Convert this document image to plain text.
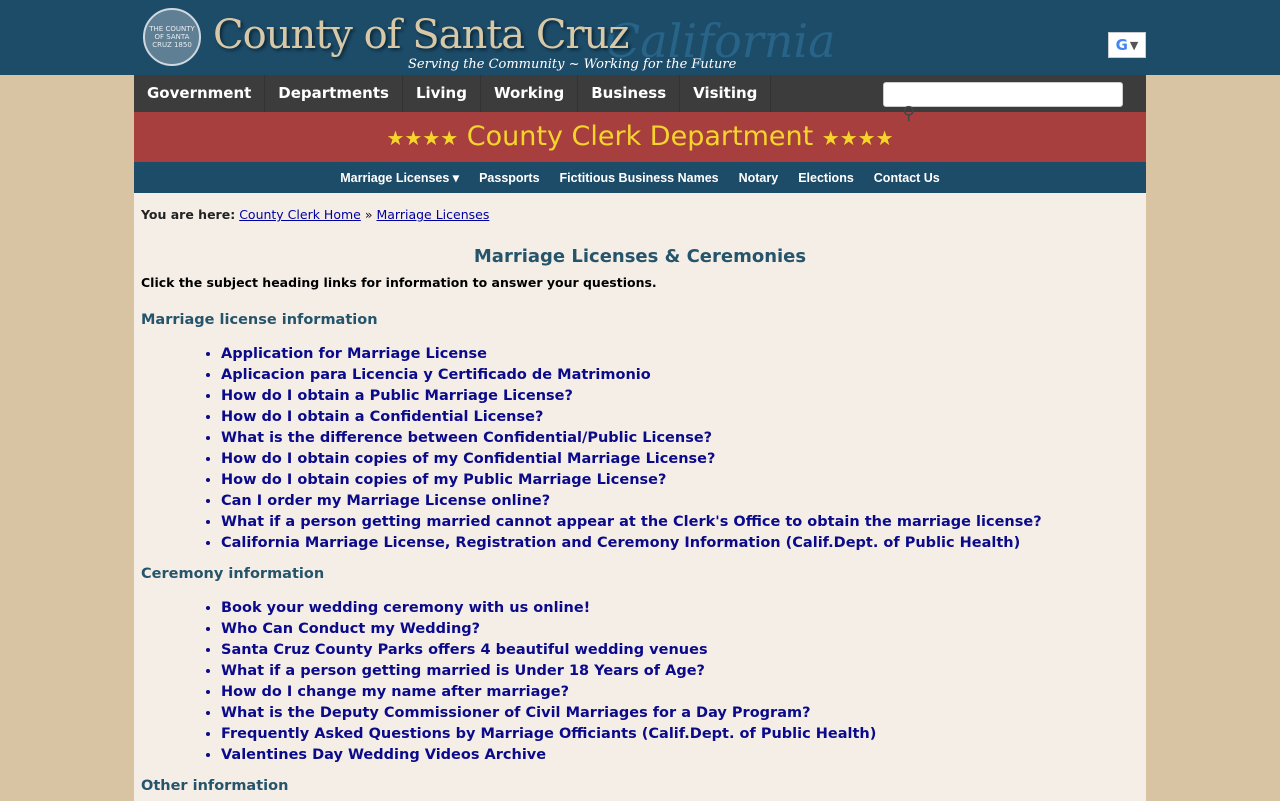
THE COUNTY OF SANTA CRUZ 1850	California
County of Santa Cruz
Serving the Community ~ Working for the Future
G ▼
Government	Departments	Living	Working	Business	Visiting
⚲
★★★★ County Clerk Department ★★★★
Marriage Licenses ▾	Passports	Fictitious Business Names	Notary	Elections	Contact Us
You are here: County Clerk Home » Marriage Licenses
Marriage Licenses & Ceremonies
Click the subject heading links for information to answer your questions.
Marriage license information
• Application for Marriage License
• Aplicacion para Licencia y Certificado de Matrimonio
• How do I obtain a Public Marriage License?
• How do I obtain a Confidential License?
• What is the difference between Confidential/Public License?
• How do I obtain copies of my Confidential Marriage License?
• How do I obtain copies of my Public Marriage License?
• Can I order my Marriage License online?
• What if a person getting married cannot appear at the Clerk's Office to obtain the marriage license?
• California Marriage License, Registration and Ceremony Information (Calif.Dept. of Public Health)
Ceremony information
• Book your wedding ceremony with us online!
• Who Can Conduct my Wedding?
• Santa Cruz County Parks offers 4 beautiful wedding venues
• What if a person getting married is Under 18 Years of Age?
• How do I change my name after marriage?
• What is the Deputy Commissioner of Civil Marriages for a Day Program?
• Frequently Asked Questions by Marriage Officiants (Calif.Dept. of Public Health)
• Valentines Day Wedding Videos Archive
Other information
